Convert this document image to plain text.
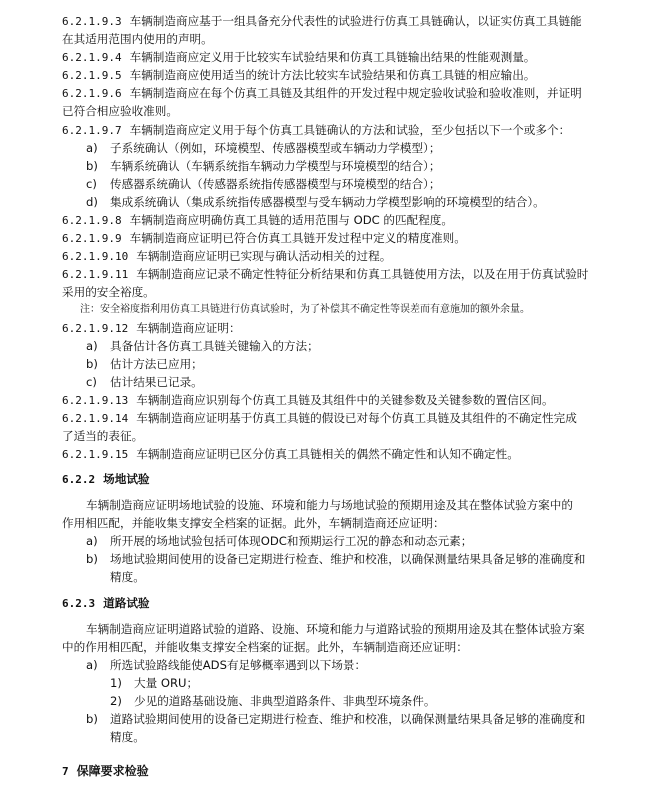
6.2.1.9.3 车辆制造商应基于一组具备充分代表性的试验进行仿真工具链确认，以证实仿真工具链能
在其适用范围内使用的声明。
6.2.1.9.4 车辆制造商应定义用于比较实车试验结果和仿真工具链输出结果的性能观测量。
6.2.1.9.5 车辆制造商应使用适当的统计方法比较实车试验结果和仿真工具链的相应输出。
6.2.1.9.6 车辆制造商应在每个仿真工具链及其组件的开发过程中规定验收试验和验收准则，并证明
已符合相应验收准则。
6.2.1.9.7 车辆制造商应定义用于每个仿真工具链确认的方法和试验，至少包括以下一个或多个：
a) 子系统确认（例如，环境模型、传感器模型或车辆动力学模型）；
b) 车辆系统确认（车辆系统指车辆动力学模型与环境模型的结合）；
c) 传感器系统确认（传感器系统指传感器模型与环境模型的结合）；
d) 集成系统确认（集成系统指传感器模型与受车辆动力学模型影响的环境模型的结合）。
6.2.1.9.8 车辆制造商应明确仿真工具链的适用范围与 ODC 的匹配程度。
6.2.1.9.9 车辆制造商应证明已符合仿真工具链开发过程中定义的精度准则。
6.2.1.9.10 车辆制造商应证明已实现与确认活动相关的过程。
6.2.1.9.11 车辆制造商应记录不确定性特征分析结果和仿真工具链使用方法，以及在用于仿真试验时
采用的安全裕度。
注：安全裕度指利用仿真工具链进行仿真试验时，为了补偿其不确定性等误差而有意施加的额外余量。
6.2.1.9.12 车辆制造商应证明：
a) 具备估计各仿真工具链关键输入的方法；
b) 估计方法已应用；
c) 估计结果已记录。
6.2.1.9.13 车辆制造商应识别每个仿真工具链及其组件中的关键参数及关键参数的置信区间。
6.2.1.9.14 车辆制造商应证明基于仿真工具链的假设已对每个仿真工具链及其组件的不确定性完成
了适当的表征。
6.2.1.9.15 车辆制造商应证明已区分仿真工具链相关的偶然不确定性和认知不确定性。
6.2.2 场地试验
车辆制造商应证明场地试验的设施、环境和能力与场地试验的预期用途及其在整体试验方案中的
作用相匹配，并能收集支撑安全档案的证据。此外，车辆制造商还应证明：
a) 所开展的场地试验包括可体现ODC和预期运行工况的静态和动态元素；
b) 场地试验期间使用的设备已定期进行检查、维护和校准，以确保测量结果具备足够的准确度和
精度。
6.2.3 道路试验
车辆制造商应证明道路试验的道路、设施、环境和能力与道路试验的预期用途及其在整体试验方案
中的作用相匹配，并能收集支撑安全档案的证据。此外，车辆制造商还应证明：
a) 所选试验路线能使ADS有足够概率遇到以下场景：
1) 大量 ORU；
2) 少见的道路基础设施、非典型道路条件、非典型环境条件。
b) 道路试验期间使用的设备已定期进行检查、维护和校准，以确保测量结果具备足够的准确度和
精度。
7 保障要求检验
